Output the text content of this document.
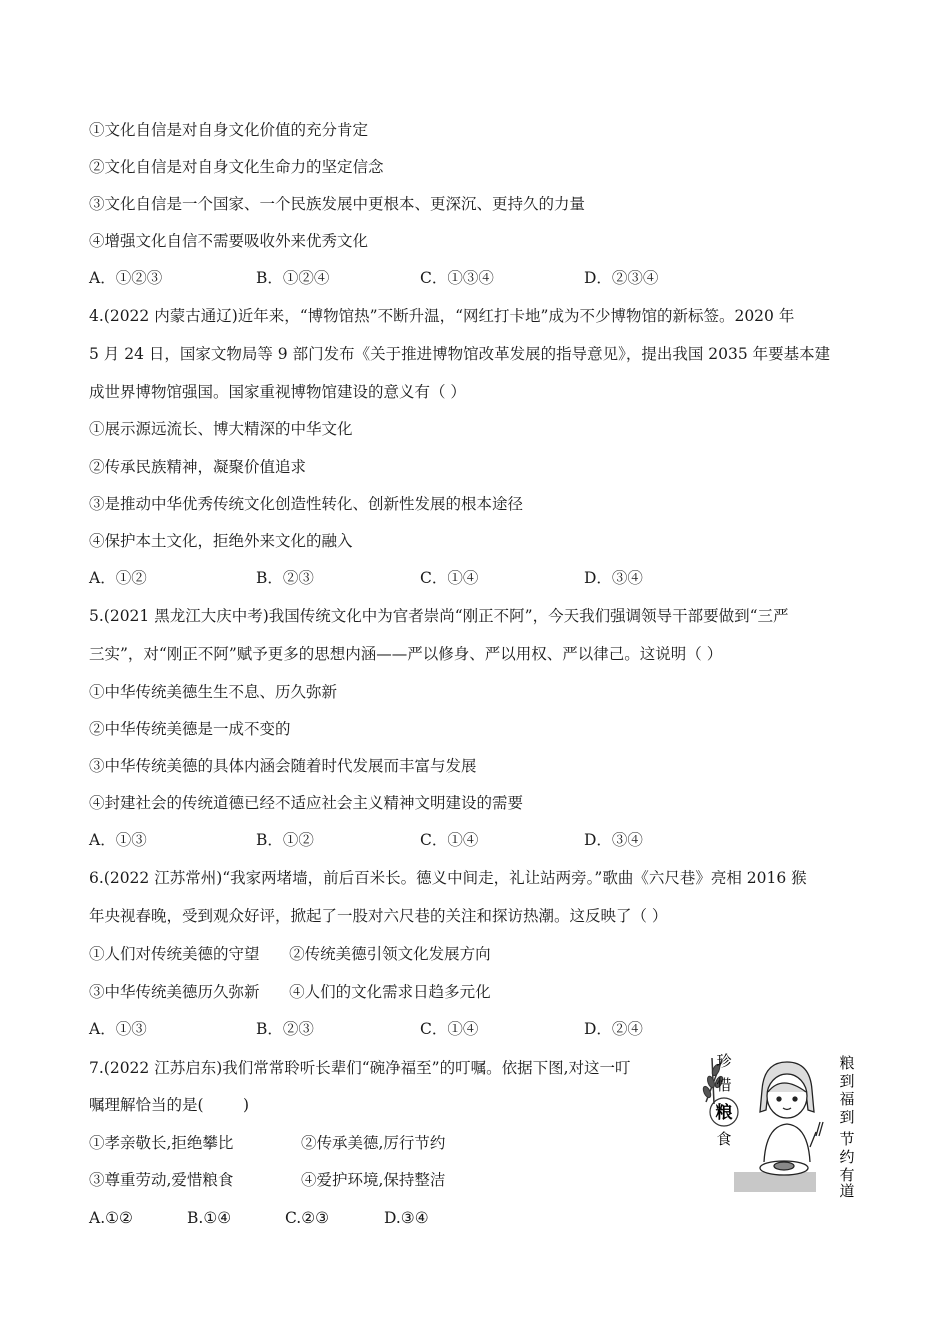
①文化自信是对自身文化价值的充分肯定
②文化自信是对自身文化生命力的坚定信念
③文化自信是一个国家、一个民族发展中更根本、更深沉、更持久的力量
④增强文化自信不需要吸收外来优秀文化
A．①②③	B．①②④	C．①③④	D．②③④
4.(2022 内蒙古通辽)近年来，“博物馆热”不断升温，“网红打卡地”成为不少博物馆的新标签。2020 年
5 月 24 日，国家文物局等 9 部门发布《关于推进博物馆改革发展的指导意见》，提出我国 2035 年要基本建
成世界博物馆强国。国家重视博物馆建设的意义有（ ）
①展示源远流长、博大精深的中华文化
②传承民族精神，凝聚价值追求
③是推动中华优秀传统文化创造性转化、创新性发展的根本途径
④保护本土文化，拒绝外来文化的融入
A．①②	B．②③	C．①④	D．③④
5.(2021 黑龙江大庆中考)我国传统文化中为官者崇尚“刚正不阿”，今天我们强调领导干部要做到“三严
三实”，对“刚正不阿”赋予更多的思想内涵——严以修身、严以用权、严以律己。这说明（ ）
①中华传统美德生生不息、历久弥新
②中华传统美德是一成不变的
③中华传统美德的具体内涵会随着时代发展而丰富与发展
④封建社会的传统道德已经不适应社会主义精神文明建设的需要
A．①③	B．①②	C．①④	D．③④
6.(2022 江苏常州)“我家两堵墙，前后百米长。德义中间走，礼让站两旁。”歌曲《六尺巷》亮相 2016 猴
年央视春晚，受到观众好评，掀起了一股对六尺巷的关注和探访热潮。这反映了（ ）
①人们对传统美德的守望      ②传统美德引领文化发展方向
③中华传统美德历久弥新      ④人们的文化需求日趋多元化
A．①③	B．②③	C．①④	D．②④
7.(2022 江苏启东)我们常常聆听长辈们“碗净福至”的叮嘱。依据下图,对这一叮
嘱理解恰当的是(        )
①孝亲敬长,拒绝攀比	②传承美德,厉行节约
③尊重劳动,爱惜粮食	④爱护环境,保持整洁
A.①②	B.①④	C.②③	D.③④
珍
惜
粮
食
粮
到
福
到
节
约
有
道
